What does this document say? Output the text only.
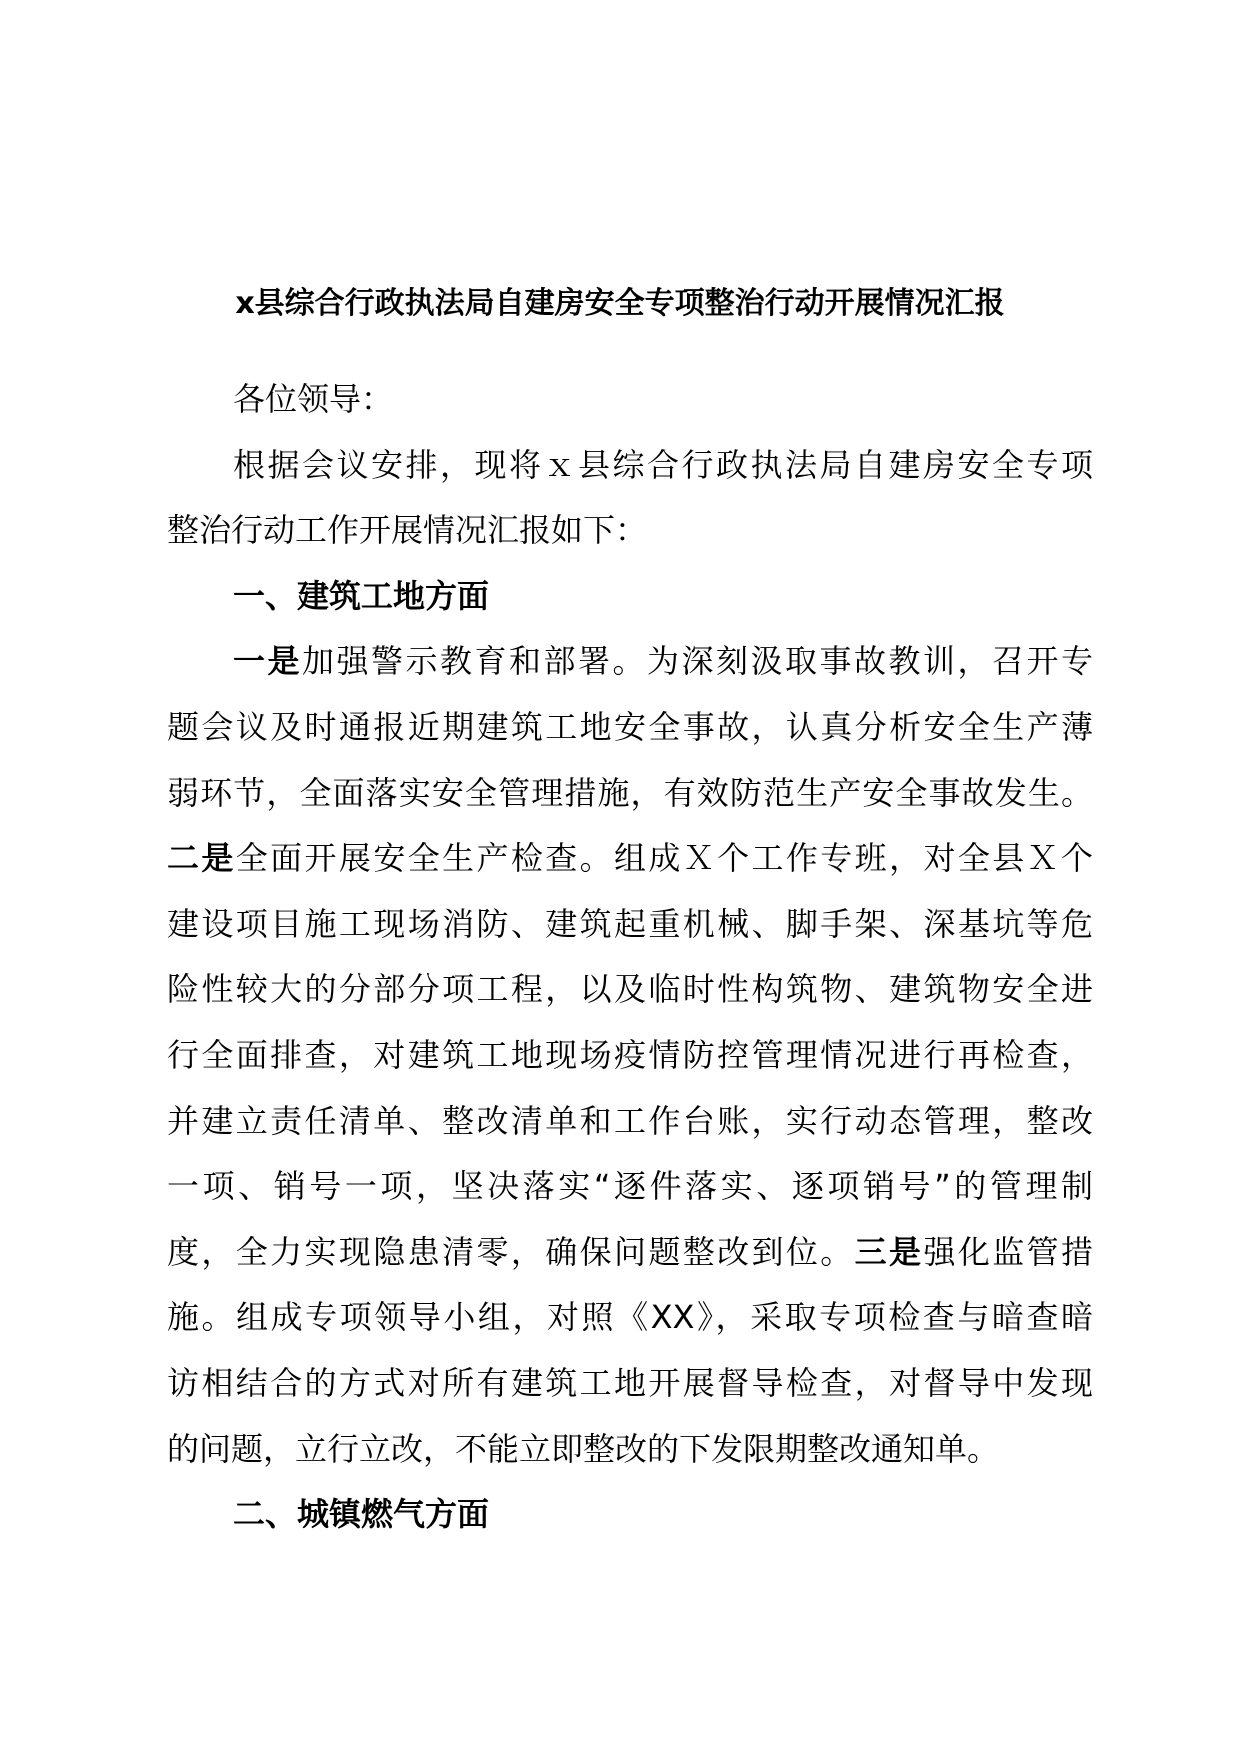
x县综合行政执法局自建房安全专项整治行动开展情况汇报
各位领导：
根据会议安排，现将ｘ县综合行政执法局自建房安全专项
整治行动工作开展情况汇报如下：
一、建筑工地方面
一是加强警示教育和部署。为深刻汲取事故教训，召开专
题会议及时通报近期建筑工地安全事故，认真分析安全生产薄
弱环节，全面落实安全管理措施，有效防范生产安全事故发生。
二是全面开展安全生产检查。组成Ｘ个工作专班，对全县Ｘ个
建设项目施工现场消防、建筑起重机械、脚手架、深基坑等危
险性较大的分部分项工程，以及临时性构筑物、建筑物安全进
行全面排查，对建筑工地现场疫情防控管理情况进行再检查，
并建立责任清单、整改清单和工作台账，实行动态管理，整改
一项、销号一项，坚决落实“逐件落实、逐项销号”的管理制
度，全力实现隐患清零，确保问题整改到位。三是强化监管措
施。组成专项领导小组，对照《XX》，采取专项检查与暗查暗
访相结合的方式对所有建筑工地开展督导检查，对督导中发现
的问题，立行立改，不能立即整改的下发限期整改通知单。
二、城镇燃气方面
